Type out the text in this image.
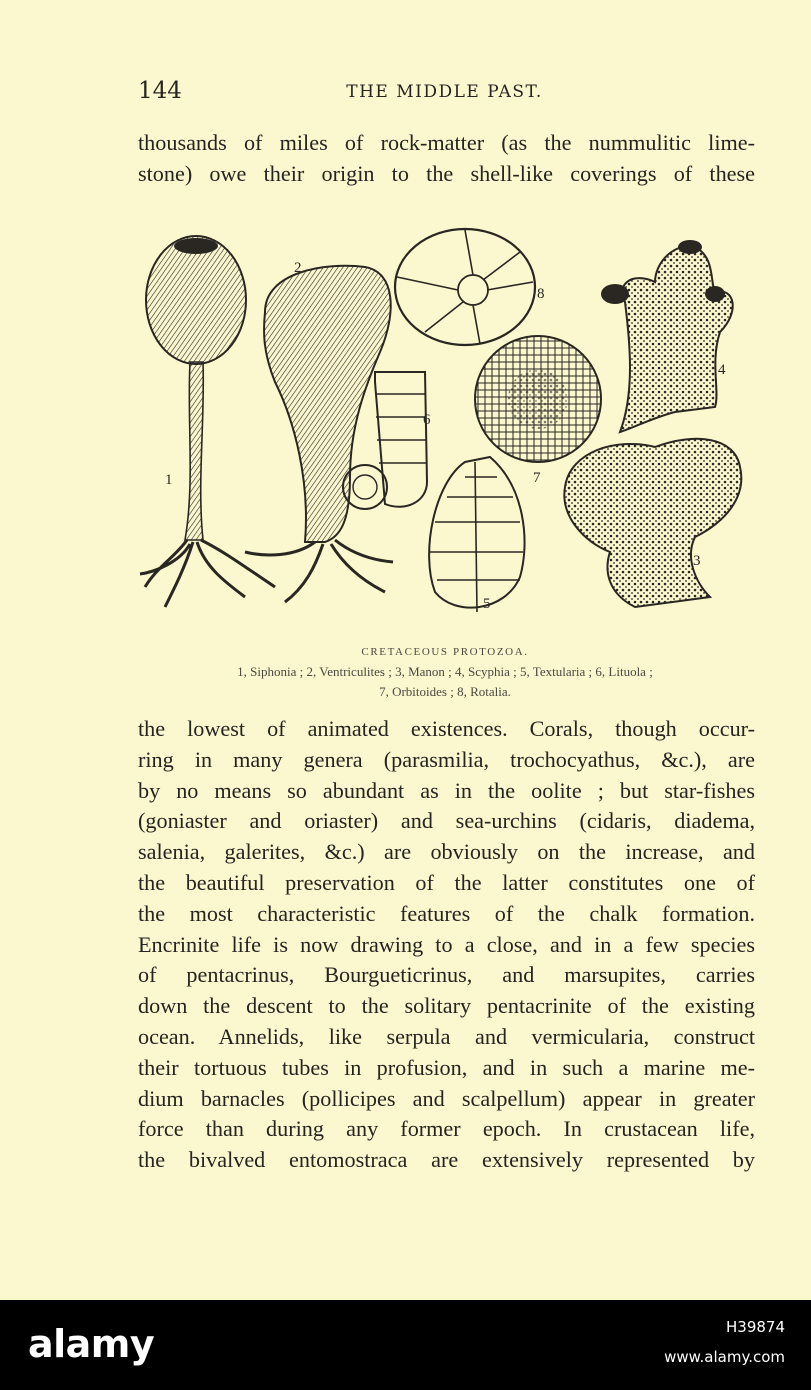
144	THE MIDDLE PAST.

thousands of miles of rock-matter (as the nummulitic lime-
stone) owe their origin to the shell-like coverings of these

1
2
3
4
5
6
7
8
CRETACEOUS PROTOZOA.
1, Siphonia ; 2, Ventriculites ; 3, Manon ; 4, Scyphia ; 5, Textularia ; 6, Lituola ;
7, Orbitoides ; 8, Rotalia.

the lowest of animated existences. Corals, though occur-
ring in many genera (parasmilia, trochocyathus, &c.), are
by no means so abundant as in the oolite ; but star-fishes
(goniaster and oriaster) and sea-urchins (cidaris, diadema,
salenia, galerites, &c.) are obviously on the increase, and
the beautiful preservation of the latter constitutes one of
the most characteristic features of the chalk formation.
Encrinite life is now drawing to a close, and in a few species
of pentacrinus, Bourgueticrinus, and marsupites, carries
down the descent to the solitary pentacrinite of the existing
ocean. Annelids, like serpula and vermicularia, construct
their tortuous tubes in profusion, and in such a marine me-
dium barnacles (pollicipes and scalpellum) appear in greater
force than during any former epoch. In crustacean life,
the bivalved entomostraca are extensively represented by

alamy	H39874
www.alamy.com
